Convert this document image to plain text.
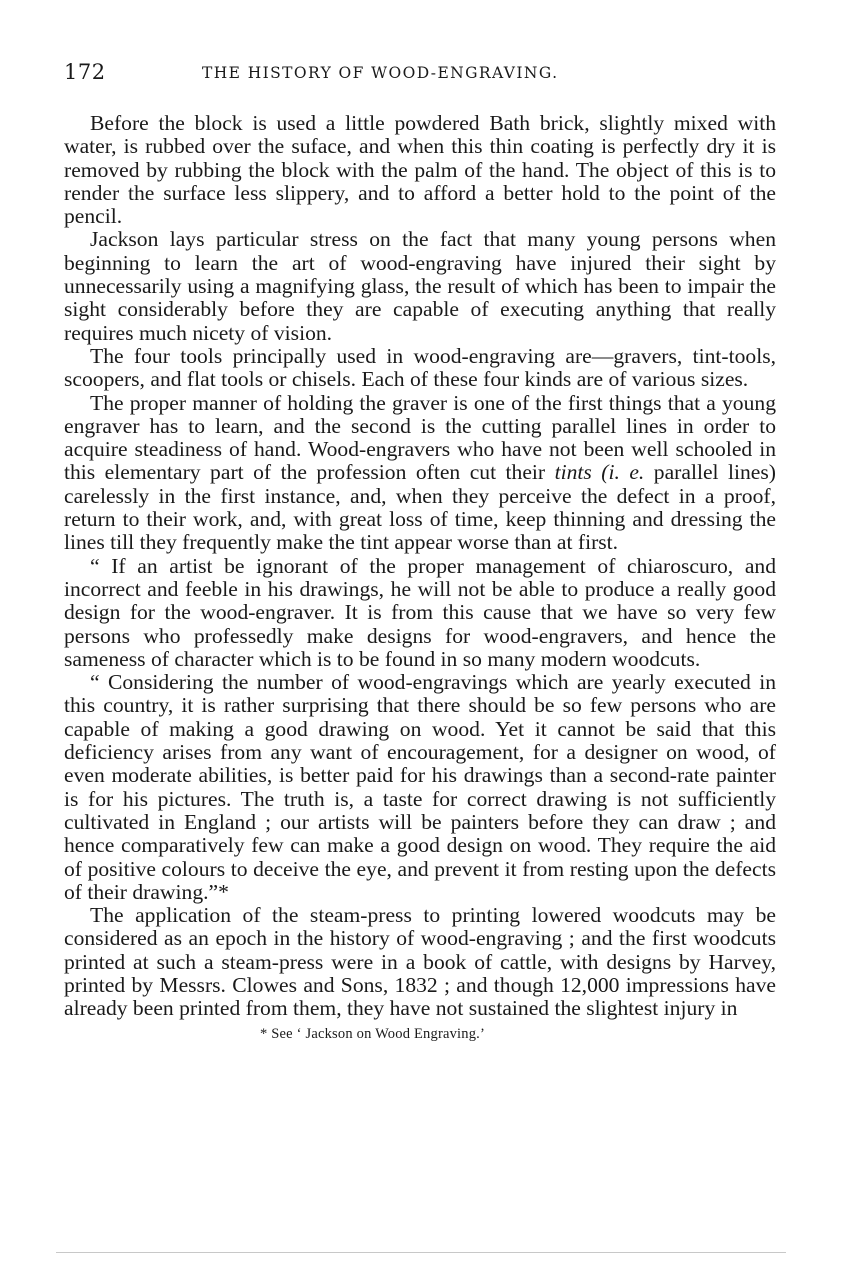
172	THE HISTORY OF WOOD-ENGRAVING.

Before the block is used a little powdered Bath brick, slightly mixed with water, is rubbed over the suface, and when this thin coating is perfectly dry it is removed by rubbing the block with the palm of the hand. The object of this is to render the surface less slippery, and to afford a better hold to the point of the pencil.

Jackson lays particular stress on the fact that many young persons when beginning to learn the art of wood-engraving have injured their sight by unnecessarily using a magnifying glass, the result of which has been to impair the sight considerably before they are capable of executing anything that really requires much nicety of vision.

The four tools principally used in wood-engraving are—gravers, tint-tools, scoopers, and flat tools or chisels. Each of these four kinds are of various sizes.

The proper manner of holding the graver is one of the first things that a young engraver has to learn, and the second is the cutting parallel lines in order to acquire steadiness of hand. Wood-engravers who have not been well schooled in this elementary part of the profession often cut their tints (i. e. parallel lines) carelessly in the first instance, and, when they perceive the defect in a proof, return to their work, and, with great loss of time, keep thinning and dressing the lines till they frequently make the tint appear worse than at first.

“ If an artist be ignorant of the proper management of chiaroscuro, and incorrect and feeble in his drawings, he will not be able to produce a really good design for the wood-engraver. It is from this cause that we have so very few persons who professedly make designs for wood-engravers, and hence the sameness of character which is to be found in so many modern woodcuts.

“ Considering the number of wood-engravings which are yearly executed in this country, it is rather surprising that there should be so few persons who are capable of making a good drawing on wood. Yet it cannot be said that this deficiency arises from any want of encouragement, for a designer on wood, of even moderate abilities, is better paid for his drawings than a second-rate painter is for his pictures. The truth is, a taste for correct drawing is not sufficiently cultivated in England ; our artists will be painters before they can draw ; and hence comparatively few can make a good design on wood. They require the aid of positive colours to deceive the eye, and prevent it from resting upon the defects of their drawing.”*

The application of the steam-press to printing lowered woodcuts may be considered as an epoch in the history of wood-engraving ; and the first woodcuts printed at such a steam-press were in a book of cattle, with designs by Harvey, printed by Messrs. Clowes and Sons, 1832 ; and though 12,000 impressions have already been printed from them, they have not sustained the slightest injury in

* See ‘ Jackson on Wood Engraving.’
